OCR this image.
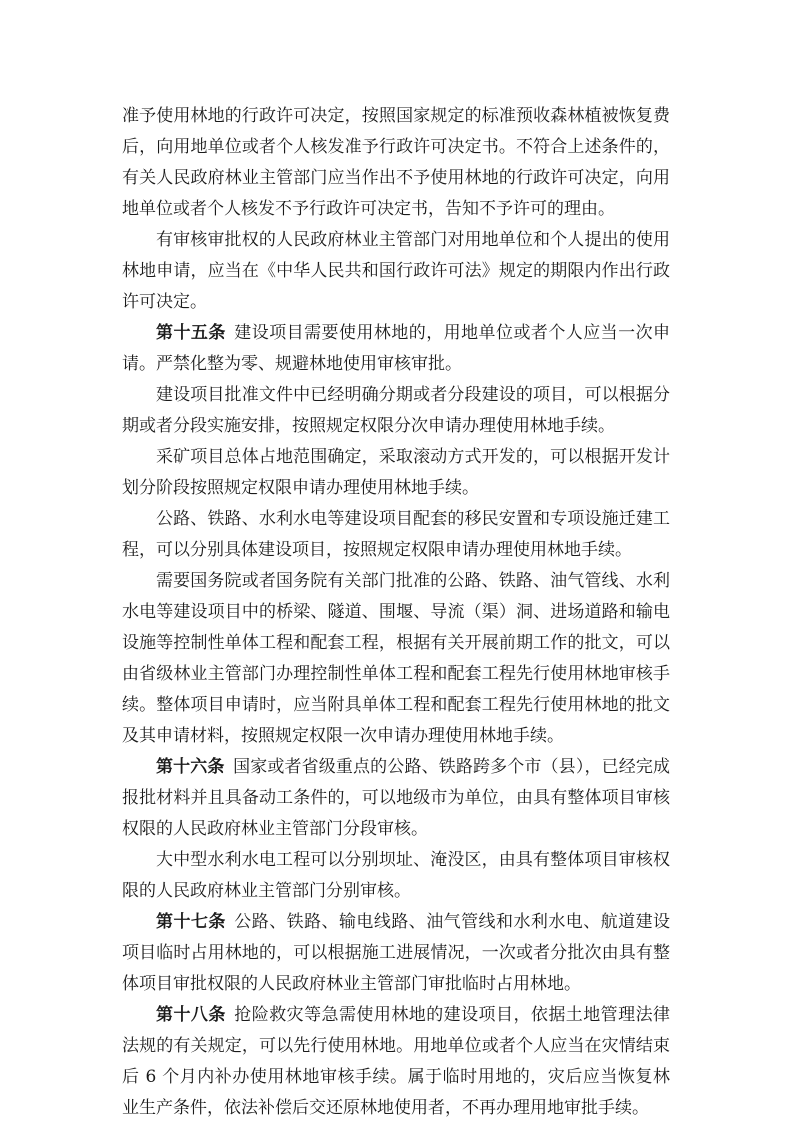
准予使用林地的行政许可决定，按照国家规定的标准预收森林植被恢复费后，向用地单位或者个人核发准予行政许可决定书。不符合上述条件的，有关人民政府林业主管部门应当作出不予使用林地的行政许可决定，向用地单位或者个人核发不予行政许可决定书，告知不予许可的理由。

有审核审批权的人民政府林业主管部门对用地单位和个人提出的使用林地申请，应当在《中华人民共和国行政许可法》规定的期限内作出行政许可决定。

第十五条 建设项目需要使用林地的，用地单位或者个人应当一次申请。严禁化整为零、规避林地使用审核审批。

建设项目批准文件中已经明确分期或者分段建设的项目，可以根据分期或者分段实施安排，按照规定权限分次申请办理使用林地手续。

采矿项目总体占地范围确定，采取滚动方式开发的，可以根据开发计划分阶段按照规定权限申请办理使用林地手续。

公路、铁路、水利水电等建设项目配套的移民安置和专项设施迁建工程，可以分别具体建设项目，按照规定权限申请办理使用林地手续。

需要国务院或者国务院有关部门批准的公路、铁路、油气管线、水利水电等建设项目中的桥梁、隧道、围堰、导流（渠）洞、进场道路和输电设施等控制性单体工程和配套工程，根据有关开展前期工作的批文，可以由省级林业主管部门办理控制性单体工程和配套工程先行使用林地审核手续。整体项目申请时，应当附具单体工程和配套工程先行使用林地的批文及其申请材料，按照规定权限一次申请办理使用林地手续。

第十六条 国家或者省级重点的公路、铁路跨多个市（县），已经完成报批材料并且具备动工条件的，可以地级市为单位，由具有整体项目审核权限的人民政府林业主管部门分段审核。

大中型水利水电工程可以分别坝址、淹没区，由具有整体项目审核权限的人民政府林业主管部门分别审核。

第十七条 公路、铁路、输电线路、油气管线和水利水电、航道建设项目临时占用林地的，可以根据施工进展情况，一次或者分批次由具有整体项目审批权限的人民政府林业主管部门审批临时占用林地。

第十八条 抢险救灾等急需使用林地的建设项目，依据土地管理法律法规的有关规定，可以先行使用林地。用地单位或者个人应当在灾情结束后 6 个月内补办使用林地审核手续。属于临时用地的，灾后应当恢复林业生产条件，依法补偿后交还原林地使用者，不再办理用地审批手续。
